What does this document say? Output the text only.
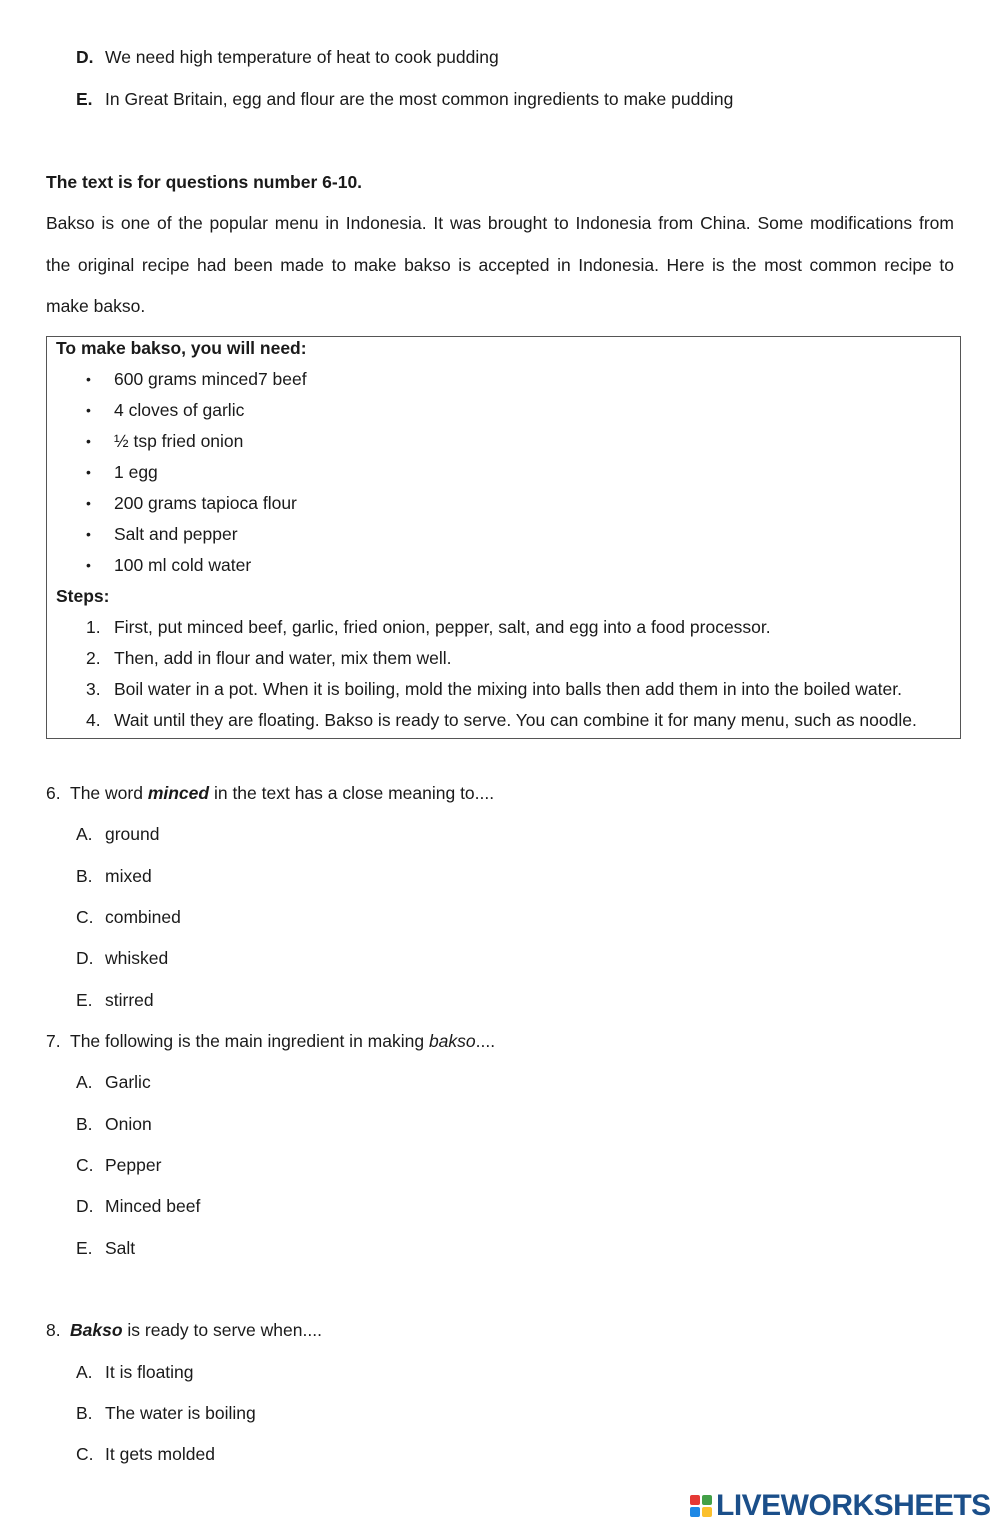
D. We need high temperature of heat to cook pudding
E. In Great Britain, egg and flour are the most common ingredients to make pudding
The text is for questions number 6-10.
Bakso is one of the popular menu in Indonesia. It was brought to Indonesia from China. Some modifications from
the original recipe had been made to make bakso is accepted in Indonesia. Here is the most common recipe to
make bakso.
To make bakso, you will need:
• 600 grams minced7 beef
• 4 cloves of garlic
• ½ tsp fried onion
• 1 egg
• 200 grams tapioca flour
• Salt and pepper
• 100 ml cold water
Steps:
1. First, put minced beef, garlic, fried onion, pepper, salt, and egg into a food processor.
2. Then, add in flour and water, mix them well.
3. Boil water in a pot. When it is boiling, mold the mixing into balls then add them in into the boiled water.
4. Wait until they are floating. Bakso is ready to serve. You can combine it for many menu, such as noodle.
6. The word minced in the text has a close meaning to....
A. ground
B. mixed
C. combined
D. whisked
E. stirred
7. The following is the main ingredient in making bakso....
A. Garlic
B. Onion
C. Pepper
D. Minced beef
E. Salt
8. Bakso is ready to serve when....
A. It is floating
B. The water is boiling
C. It gets molded
LIVEWORKSHEETS
